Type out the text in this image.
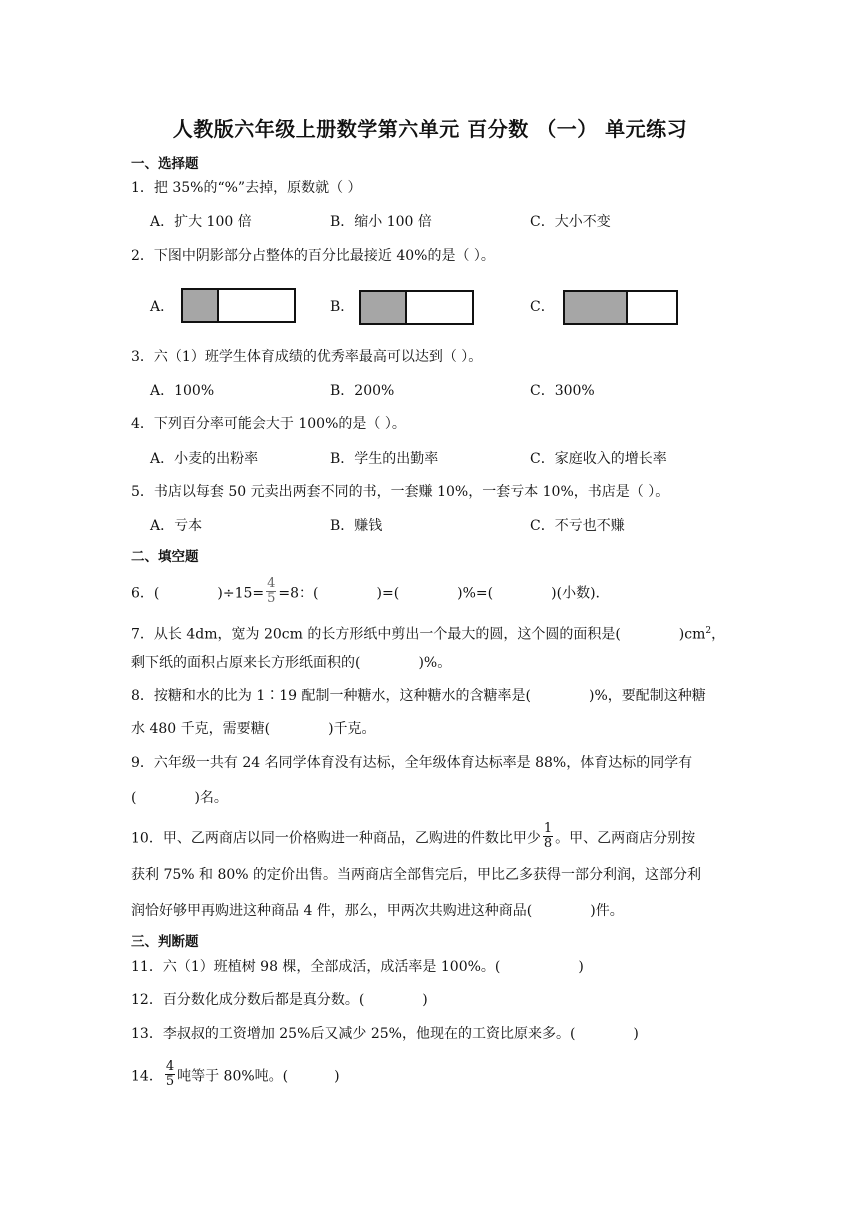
人教版六年级上册数学第六单元 百分数 （一） 单元练习
一、选择题
1．把 35%的“%”去掉，原数就（ ）
A．扩大 100 倍	B．缩小 100 倍	C．大小不变
2．下图中阴影部分占整体的百分比最接近 40%的是（ ）。
A．	B．	C．
3．六（1）班学生体育成绩的优秀率最高可以达到（ ）。
A．100%	B．200%	C．300%
4．下列百分率可能会大于 100%的是（ ）。
A．小麦的出粉率	B．学生的出勤率	C．家庭收入的增长率
5．书店以每套 50 元卖出两套不同的书，一套赚 10%，一套亏本 10%，书店是（ ）。
A．亏本	B．赚钱	C．不亏也不赚
二、填空题
6．(	)$\div 15= \frac{4}{5} =8$：(	)=(	)%=(	)(小数).
7．从长 4dm，宽为 20cm 的长方形纸中剪出一个最大的圆，这个圆的面积是(	)$cm^2$，
剩下纸的面积占原来长方形纸面积的(	)%。
8．按糖和水的比为 1∶19 配制一种糖水，这种糖水的含糖率是(	)%，要配制这种糖
水 480 千克，需要糖(	)千克。
9．六年级一共有 24 名同学体育没有达标，全年级体育达标率是 88%，体育达标的同学有
(	)名。
10．甲、乙两商店以同一价格购进一种商品，乙购进的件数比甲少 $\frac{1}{8}$ 。甲、乙两商店分别按
获利 75% 和 80% 的定价出售。当两商店全部售完后，甲比乙多获得一部分利润，这部分利
润恰好够甲再购进这种商品 4 件，那么，甲两次共购进这种商品(	)件。
三、判断题
11．六（1）班植树 98 棵，全部成活，成活率是 100%。(	)
12．百分数化成分数后都是真分数。(	)
13．李叔叔的工资增加 25%后又减少 25%，他现在的工资比原来多。(	)
14． $\frac{4}{5}$ 吨等于 80%吨。(	)
